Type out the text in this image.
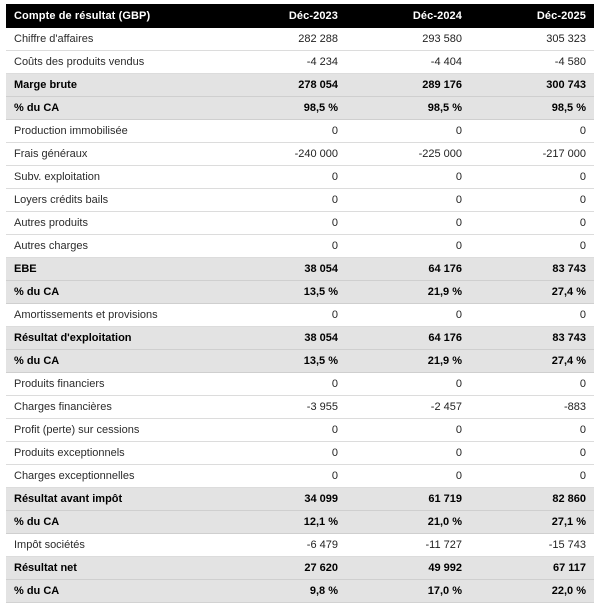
Compte de résultat (GBP)	Déc-2023	Déc-2024	Déc-2025
Chiffre d'affaires	282 288	293 580	305 323
Coûts des produits vendus	-4 234	-4 404	-4 580
Marge brute	278 054	289 176	300 743
% du CA	98,5 %	98,5 %	98,5 %
Production immobilisée	0	0	0
Frais généraux	-240 000	-225 000	-217 000
Subv. exploitation	0	0	0
Loyers crédits bails	0	0	0
Autres produits	0	0	0
Autres charges	0	0	0
EBE	38 054	64 176	83 743
% du CA	13,5 %	21,9 %	27,4 %
Amortissements et provisions	0	0	0
Résultat d'exploitation	38 054	64 176	83 743
% du CA	13,5 %	21,9 %	27,4 %
Produits financiers	0	0	0
Charges financières	-3 955	-2 457	-883
Profit (perte) sur cessions	0	0	0
Produits exceptionnels	0	0	0
Charges exceptionnelles	0	0	0
Résultat avant impôt	34 099	61 719	82 860
% du CA	12,1 %	21,0 %	27,1 %
Impôt sociétés	-6 479	-11 727	-15 743
Résultat net	27 620	49 992	67 117
% du CA	9,8 %	17,0 %	22,0 %
